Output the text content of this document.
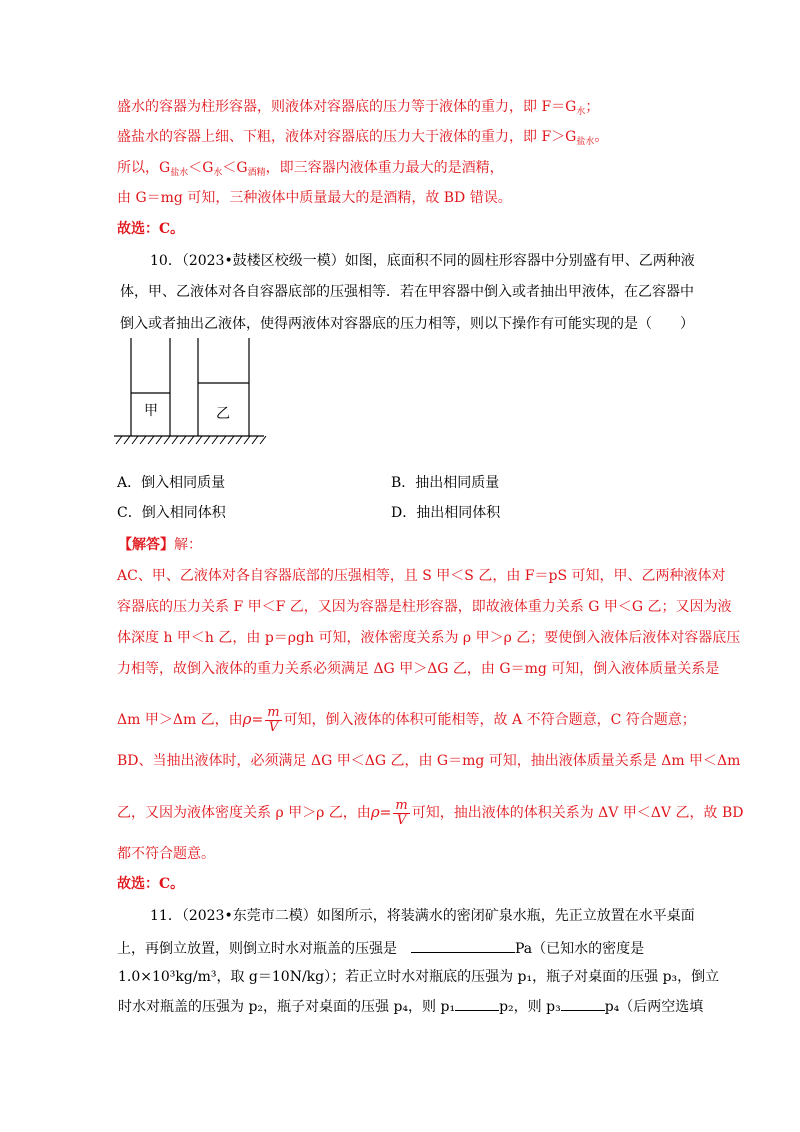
盛水的容器为柱形容器，则液体对容器底的压力等于液体的重力，即 $F=G_水$；
盛盐水的容器上细、下粗，液体对容器底的压力大于液体的重力，即 $F>G_{盐水}$。
所以，$G_{盐水}<G_水<G_{酒精}$，即三容器内液体重力最大的是酒精，
由 G＝mg 可知，三种液体中质量最大的是酒精，故 BD 错误。
故选：C。
10．（2023•鼓楼区校级一模）如图，底面积不同的圆柱形容器中分别盛有甲、乙两种液
体，甲、乙液体对各自容器底部的压强相等．若在甲容器中倒入或者抽出甲液体，在乙容器中
倒入或者抽出乙液体，使得两液体对容器底的压力相等，则以下操作有可能实现的是（　　）
甲	乙
A．倒入相同质量	B．抽出相同质量
C．倒入相同体积	D．抽出相同体积
【解答】解：
AC、甲、乙液体对各自容器底部的压强相等，且 S 甲＜S 乙，由 F＝pS 可知，甲、乙两种液体对
容器底的压力关系 F 甲＜F 乙，又因为容器是柱形容器，即故液体重力关系 G 甲＜G 乙；又因为液
体深度 h 甲＜h 乙，由 p＝ρgh 可知，液体密度关系为 ρ 甲＞ρ 乙；要使倒入液体后液体对容器底压
力相等，故倒入液体的重力关系必须满足 ΔG 甲＞ΔG 乙，由 G＝mg 可知，倒入液体质量关系是
Δm 甲＞Δm 乙，由$\rho= \frac{m}{V}$ 可知，倒入液体的体积可能相等，故 A 不符合题意，C 符合题意；
BD、当抽出液体时，必须满足 ΔG 甲＜ΔG 乙，由 G＝mg 可知，抽出液体质量关系是 Δm 甲＜Δm
乙，又因为液体密度关系 ρ 甲＞ρ 乙，由$\rho= \frac{m}{V}$ 可知，抽出液体的体积关系为 ΔV 甲＜ΔV 乙，故 BD
都不符合题意。
故选：C。
11．（2023•东莞市二模）如图所示，将装满水的密闭矿泉水瓶，先正立放置在水平桌面
上，再倒立放置，则倒立时水对瓶盖的压强是	Pa（已知水的密度是
1.0×10³kg/m³，取 g＝10N/kg）；若正立时水对瓶底的压强为 p₁，瓶子对桌面的压强 p₃，倒立
时水对瓶盖的压强为 p₂，瓶子对桌面的压强 p₄，则 p₁	p₂，则 p₃	p₄（后两空选填
